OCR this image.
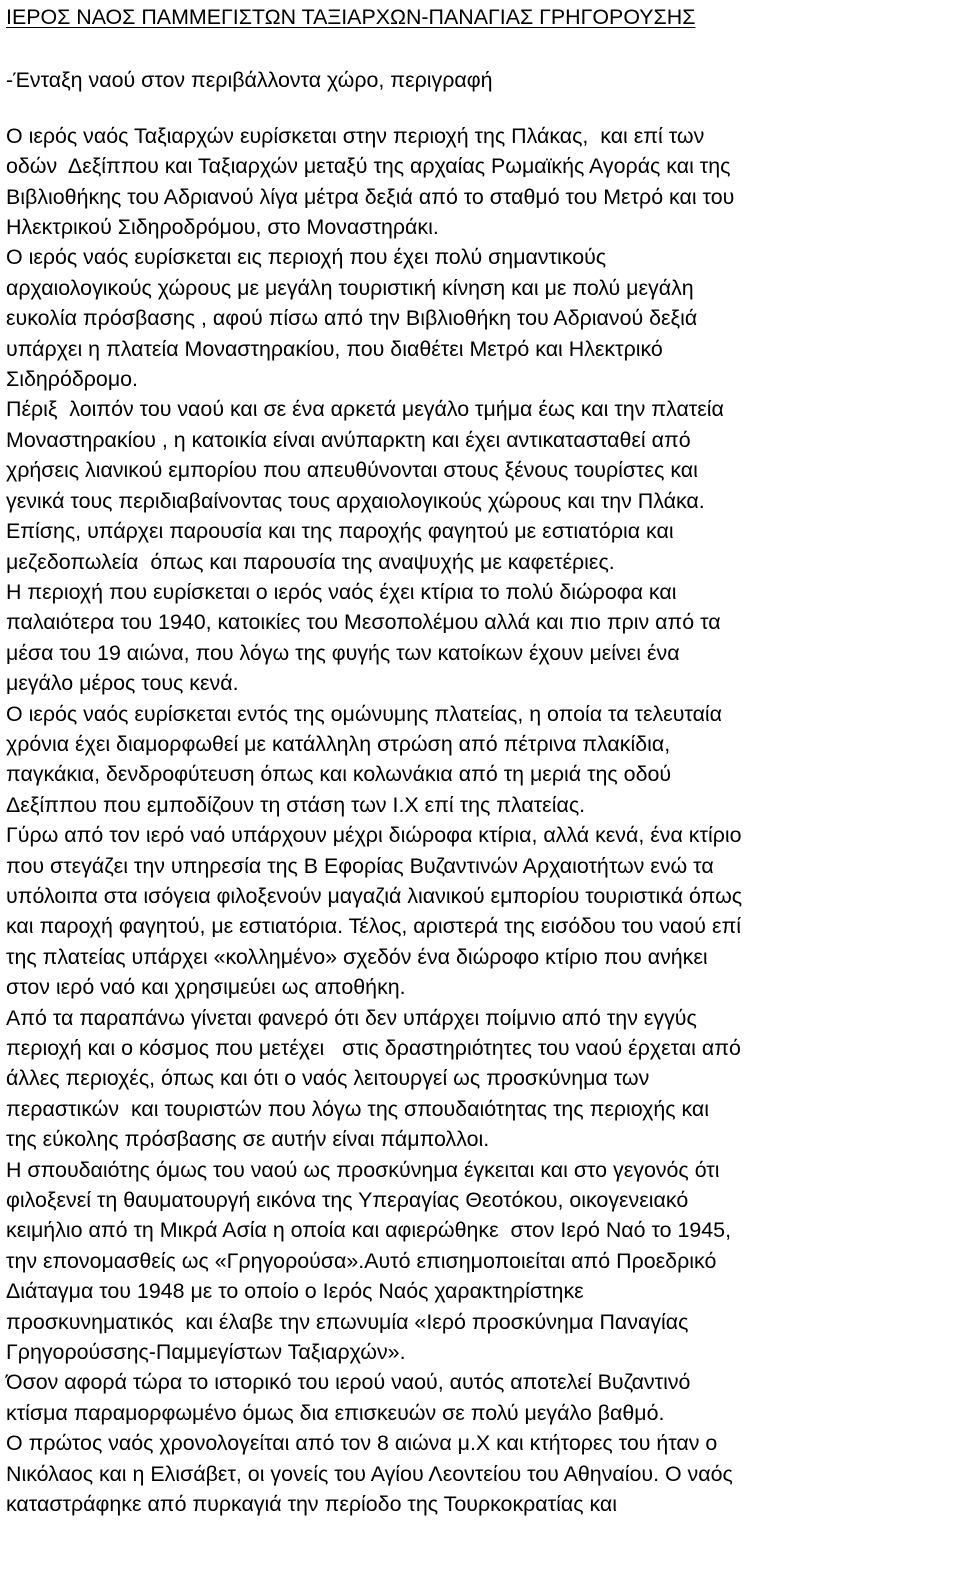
ΙΕΡΟΣ ΝΑΟΣ ΠΑΜΜΕΓΙΣΤΩΝ ΤΑΞΙΑΡΧΩΝ-ΠΑΝΑΓΙΑΣ ΓΡΗΓΟΡΟΥΣΗΣ
-Ένταξη ναού στον περιβάλλοντα χώρο, περιγραφή
Ο ιερός ναός Ταξιαρχών ευρίσκεται στην περιοχή της Πλάκας,  και επί των
οδών  Δεξίππου και Ταξιαρχών μεταξύ της αρχαίας Ρωμαϊκής Αγοράς και της
Βιβλιοθήκης του Αδριανού λίγα μέτρα δεξιά από το σταθμό του Μετρό και του
Ηλεκτρικού Σιδηροδρόμου, στο Μοναστηράκι.
Ο ιερός ναός ευρίσκεται εις περιοχή που έχει πολύ σημαντικούς
αρχαιολογικούς χώρους με μεγάλη τουριστική κίνηση και με πολύ μεγάλη
ευκολία πρόσβασης , αφού πίσω από την Βιβλιοθήκη του Αδριανού δεξιά
υπάρχει η πλατεία Μοναστηρακίου, που διαθέτει Μετρό και Ηλεκτρικό
Σιδηρόδρομο.
Πέριξ  λοιπόν του ναού και σε ένα αρκετά μεγάλο τμήμα έως και την πλατεία
Μοναστηρακίου , η κατοικία είναι ανύπαρκτη και έχει αντικατασταθεί από
χρήσεις λιανικού εμπορίου που απευθύνονται στους ξένους τουρίστες και
γενικά τους περιδιαβαίνοντας τους αρχαιολογικούς χώρους και την Πλάκα.
Επίσης, υπάρχει παρουσία και της παροχής φαγητού με εστιατόρια και
μεζεδοπωλεία  όπως και παρουσία της αναψυχής με καφετέριες.
Η περιοχή που ευρίσκεται ο ιερός ναός έχει κτίρια το πολύ διώροφα και
παλαιότερα του 1940, κατοικίες του Μεσοπολέμου αλλά και πιο πριν από τα
μέσα του 19 αιώνα, που λόγω της φυγής των κατοίκων έχουν μείνει ένα
μεγάλο μέρος τους κενά.
Ο ιερός ναός ευρίσκεται εντός της ομώνυμης πλατείας, η οποία τα τελευταία
χρόνια έχει διαμορφωθεί με κατάλληλη στρώση από πέτρινα πλακίδια,
παγκάκια, δενδροφύτευση όπως και κολωνάκια από τη μεριά της οδού
Δεξίππου που εμποδίζουν τη στάση των Ι.Χ επί της πλατείας.
Γύρω από τον ιερό ναό υπάρχουν μέχρι διώροφα κτίρια, αλλά κενά, ένα κτίριο
που στεγάζει την υπηρεσία της Β Εφορίας Βυζαντινών Αρχαιοτήτων ενώ τα
υπόλοιπα στα ισόγεια φιλοξενούν μαγαζιά λιανικού εμπορίου τουριστικά όπως
και παροχή φαγητού, με εστιατόρια. Τέλος, αριστερά της εισόδου του ναού επί
της πλατείας υπάρχει «κολλημένο» σχεδόν ένα διώροφο κτίριο που ανήκει
στον ιερό ναό και χρησιμεύει ως αποθήκη.
Από τα παραπάνω γίνεται φανερό ότι δεν υπάρχει ποίμνιο από την εγγύς
περιοχή και ο κόσμος που μετέχει   στις δραστηριότητες του ναού έρχεται από
άλλες περιοχές, όπως και ότι ο ναός λειτουργεί ως προσκύνημα των
περαστικών  και τουριστών που λόγω της σπουδαιότητας της περιοχής και
της εύκολης πρόσβασης σε αυτήν είναι πάμπολλοι.
Η σπουδαιότης όμως του ναού ως προσκύνημα έγκειται και στο γεγονός ότι
φιλοξενεί τη θαυματουργή εικόνα της Υπεραγίας Θεοτόκου, οικογενειακό
κειμήλιο από τη Μικρά Ασία η οποία και αφιερώθηκε  στον Ιερό Ναό το 1945,
την επονομασθείς ως «Γρηγορούσα».Αυτό επισημοποιείται από Προεδρικό
Διάταγμα του 1948 με το οποίο ο Ιερός Ναός χαρακτηρίστηκε
προσκυνηματικός  και έλαβε την επωνυμία «Ιερό προσκύνημα Παναγίας
Γρηγορούσσης-Παμμεγίστων Ταξιαρχών».
Όσον αφορά τώρα το ιστορικό του ιερού ναού, αυτός αποτελεί Βυζαντινό
κτίσμα παραμορφωμένο όμως δια επισκευών σε πολύ μεγάλο βαθμό.
Ο πρώτος ναός χρονολογείται από τον 8 αιώνα μ.Χ και κτήτορες του ήταν ο
Νικόλαος και η Ελισάβετ, οι γονείς του Αγίου Λεοντείου του Αθηναίου. Ο ναός
καταστράφηκε από πυρκαγιά την περίοδο της Τουρκοκρατίας και
